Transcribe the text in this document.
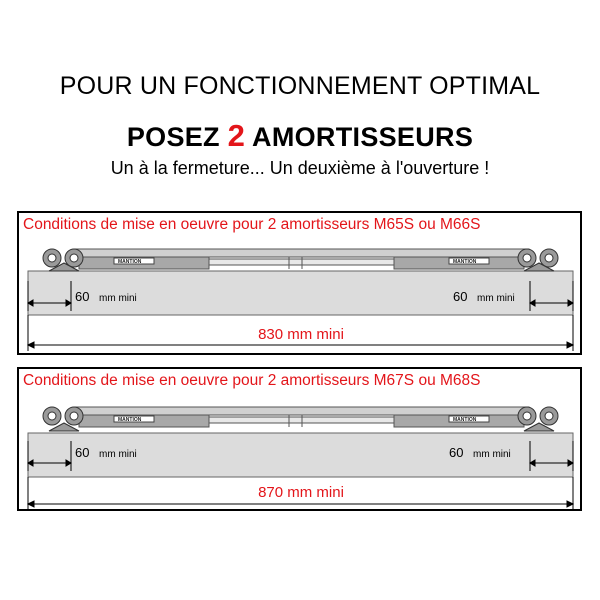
POUR UN FONCTIONNEMENT OPTIMAL
POSEZ 2 AMORTISSEURS
Un à la fermeture... Un deuxième à l'ouverture !
Conditions de mise en oeuvre pour 2 amortisseurs M65S ou M66S
MANTION	MANTION
60 mm mini	60 mm mini
830 mm mini
Conditions de mise en oeuvre pour 2 amortisseurs M67S ou M68S
MANTION	MANTION
60 mm mini	60 mm mini
870 mm mini
